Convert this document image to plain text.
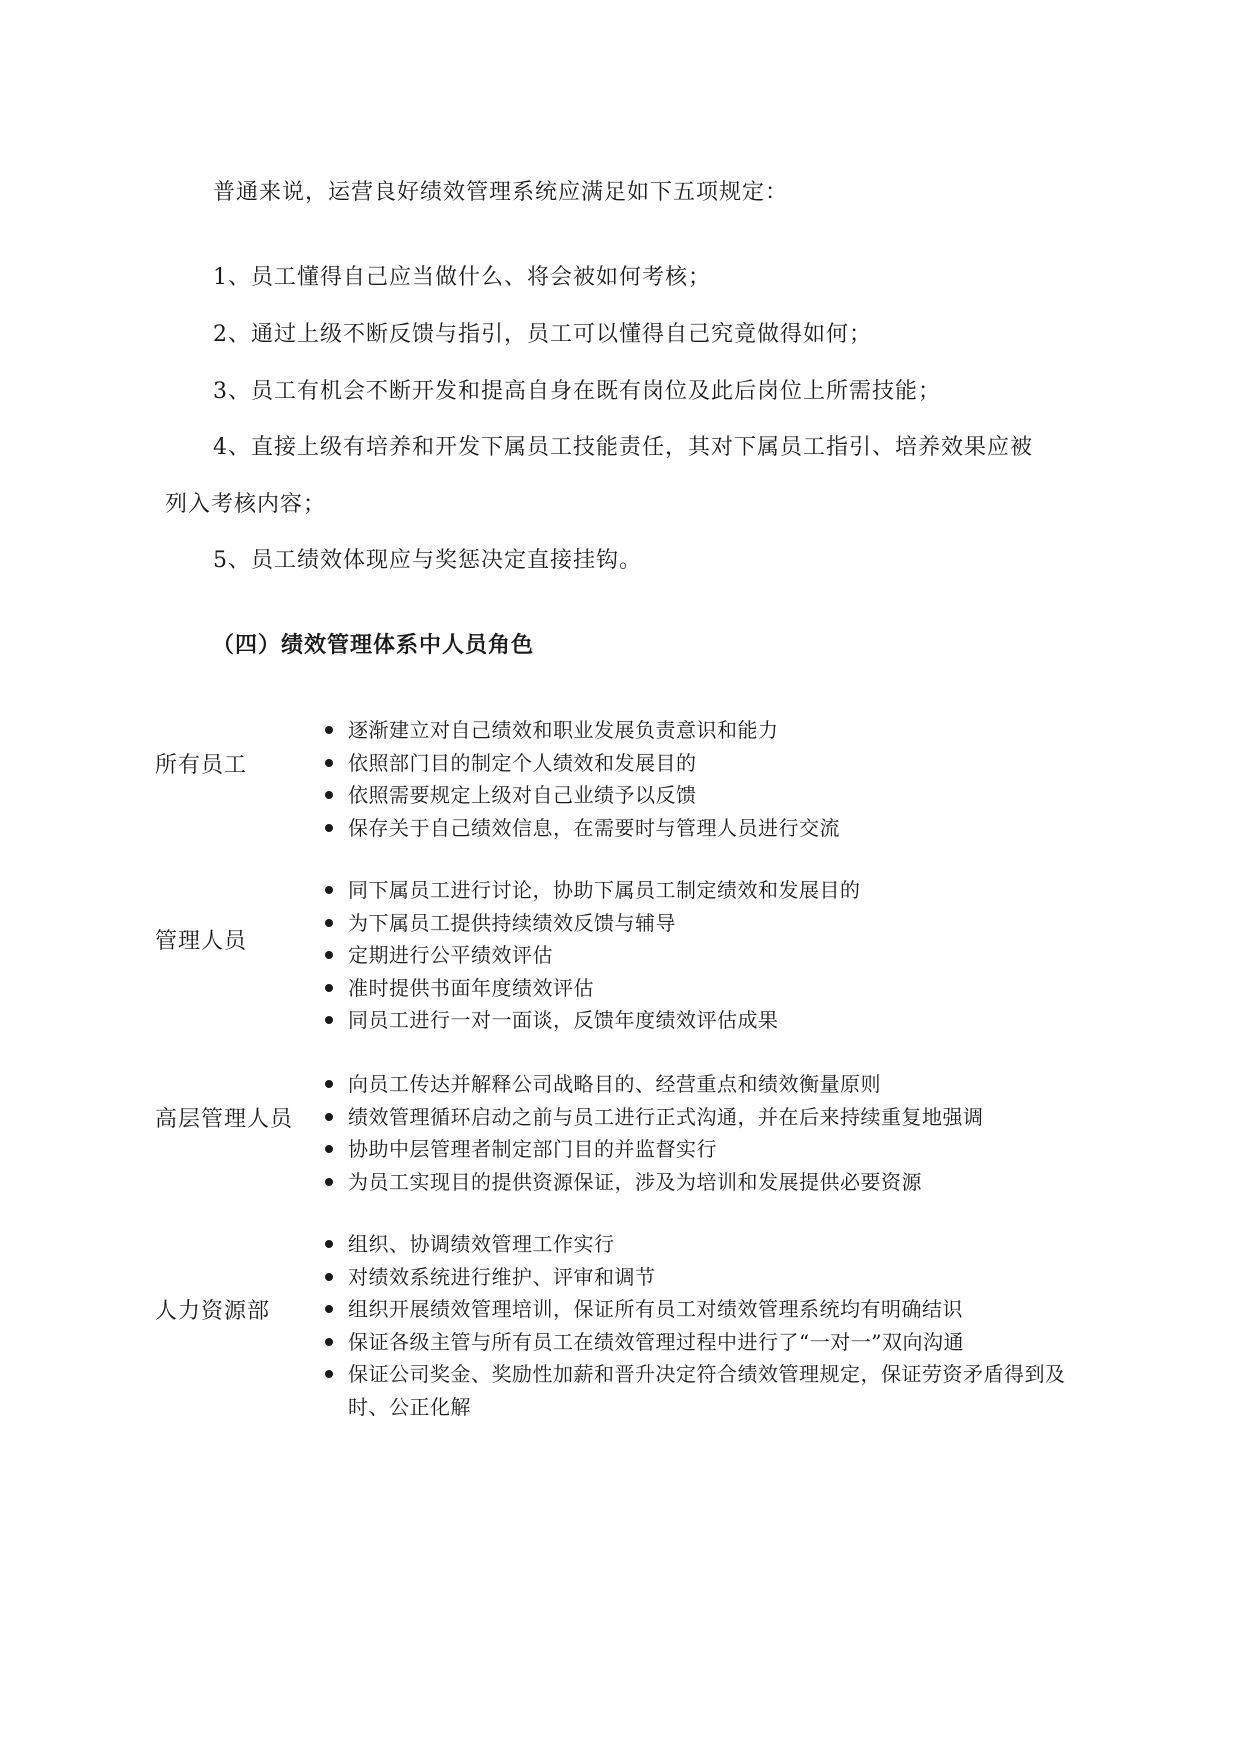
普通来说，运营良好绩效管理系统应满足如下五项规定：
1、员工懂得自己应当做什么、将会被如何考核；
2、通过上级不断反馈与指引，员工可以懂得自己究竟做得如何；
3、员工有机会不断开发和提高自身在既有岗位及此后岗位上所需技能；
4、直接上级有培养和开发下属员工技能责任，其对下属员工指引、培养效果应被
列入考核内容；
5、员工绩效体现应与奖惩决定直接挂钩。
（四）绩效管理体系中人员角色
所有员工
逐渐建立对自己绩效和职业发展负责意识和能力
依照部门目的制定个人绩效和发展目的
依照需要规定上级对自己业绩予以反馈
保存关于自己绩效信息，在需要时与管理人员进行交流
管理人员
同下属员工进行讨论，协助下属员工制定绩效和发展目的
为下属员工提供持续绩效反馈与辅导
定期进行公平绩效评估
准时提供书面年度绩效评估
同员工进行一对一面谈，反馈年度绩效评估成果
高层管理人员
向员工传达并解释公司战略目的、经营重点和绩效衡量原则
绩效管理循环启动之前与员工进行正式沟通，并在后来持续重复地强调
协助中层管理者制定部门目的并监督实行
为员工实现目的提供资源保证，涉及为培训和发展提供必要资源
人力资源部
组织、协调绩效管理工作实行
对绩效系统进行维护、评审和调节
组织开展绩效管理培训，保证所有员工对绩效管理系统均有明确结识
保证各级主管与所有员工在绩效管理过程中进行了“一对一”双向沟通
保证公司奖金、奖励性加薪和晋升决定符合绩效管理规定，保证劳资矛盾得到及时、公正化解
